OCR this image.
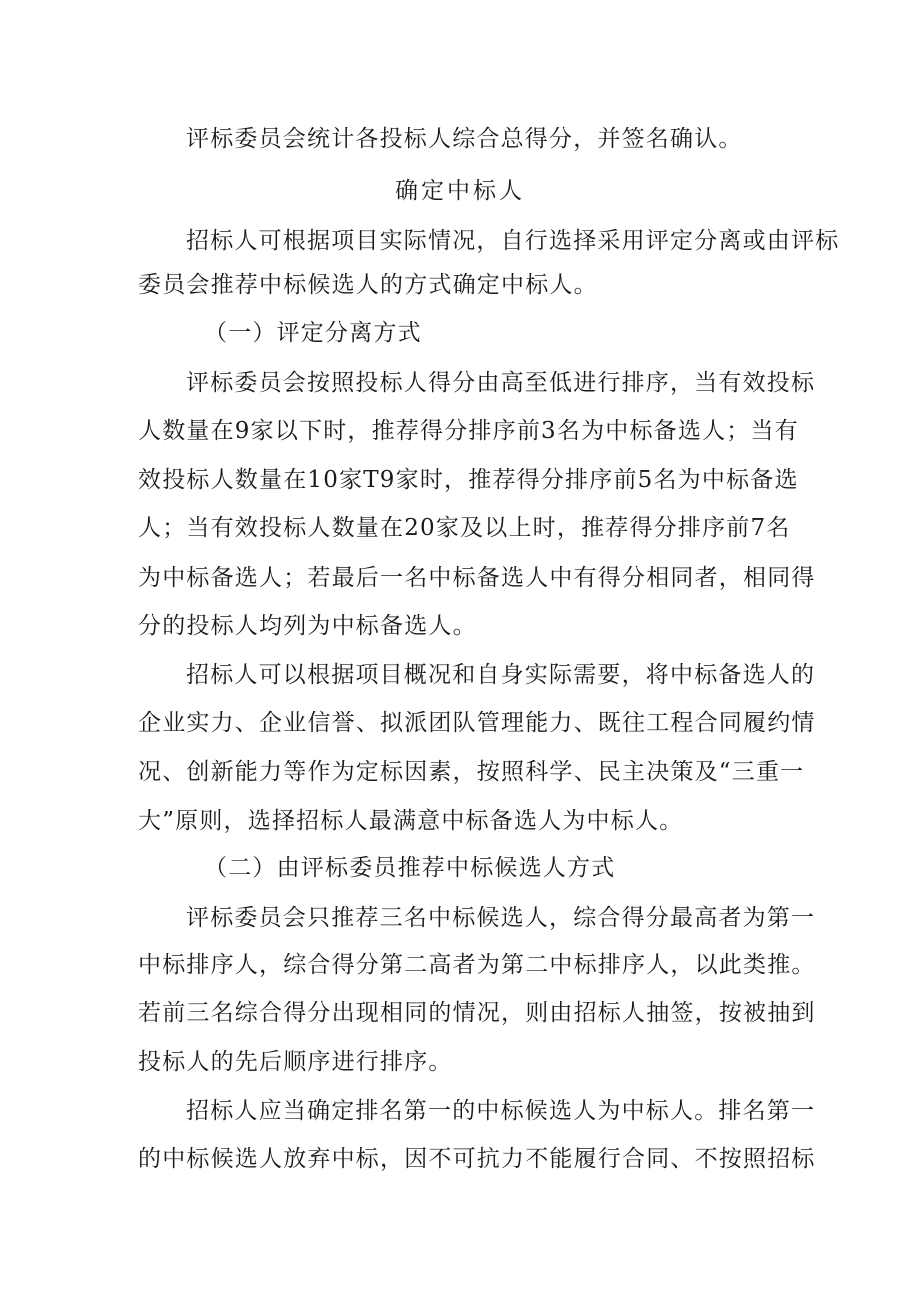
评标委员会统计各投标人综合总得分，并签名确认。
确定中标人
招标人可根据项目实际情况，自行选择采用评定分离或由评标
委员会推荐中标候选人的方式确定中标人。
（一）评定分离方式
评标委员会按照投标人得分由高至低进行排序，当有效投标
人数量在9家以下时，推荐得分排序前3名为中标备选人；当有
效投标人数量在10家T9家时，推荐得分排序前5名为中标备选
人；当有效投标人数量在20家及以上时，推荐得分排序前7名
为中标备选人；若最后一名中标备选人中有得分相同者，相同得
分的投标人均列为中标备选人。
招标人可以根据项目概况和自身实际需要，将中标备选人的
企业实力、企业信誉、拟派团队管理能力、既往工程合同履约情
况、创新能力等作为定标因素，按照科学、民主决策及“三重一
大”原则，选择招标人最满意中标备选人为中标人。
（二）由评标委员推荐中标候选人方式
评标委员会只推荐三名中标候选人，综合得分最高者为第一
中标排序人，综合得分第二高者为第二中标排序人，以此类推。
若前三名综合得分出现相同的情况，则由招标人抽签，按被抽到
投标人的先后顺序进行排序。
招标人应当确定排名第一的中标候选人为中标人。排名第一
的中标候选人放弃中标，因不可抗力不能履行合同、不按照招标
